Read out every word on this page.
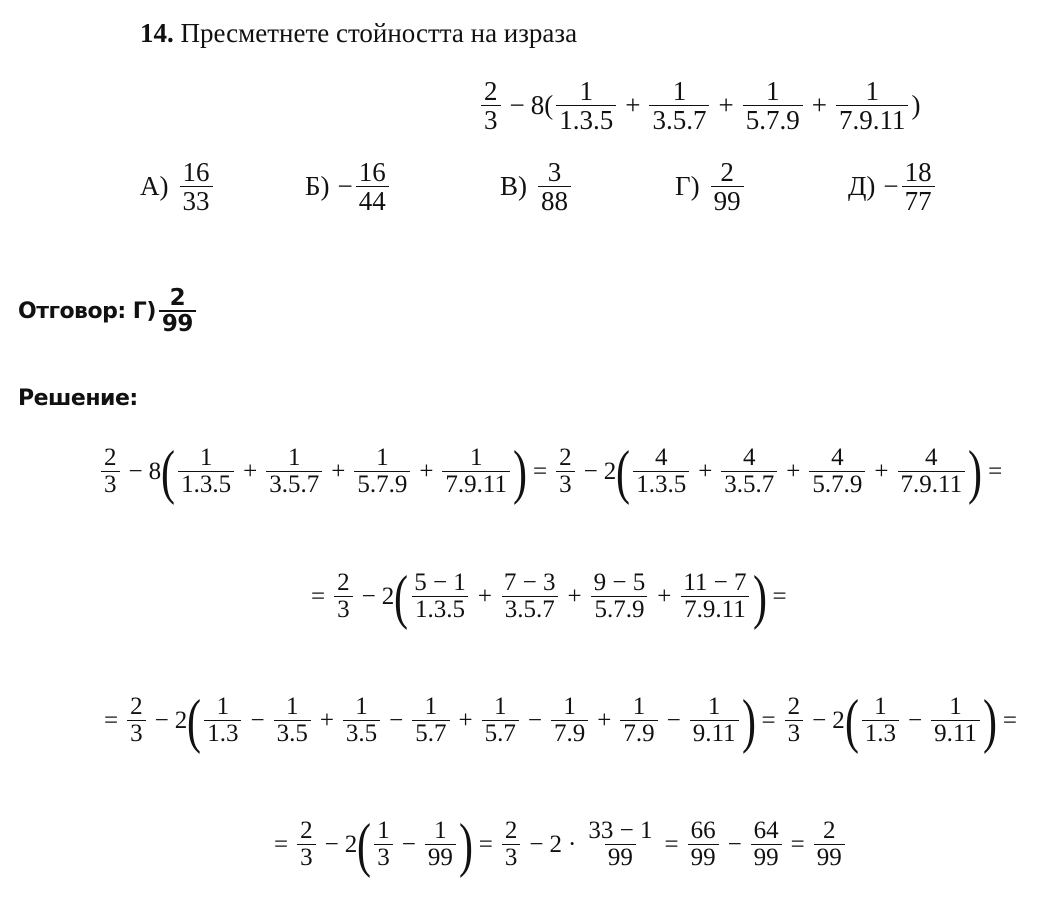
14. Пресметнете стойността на израза
$\frac{2}{3} - 8$ ( $\frac{1}{1.3.5} + \frac{1}{3.5.7} + \frac{1}{5.7.9} + \frac{1}{7.9.11}$ )
$А) \frac{16}{33}$	$Б) - \frac{16}{44}$	$В) \frac{3}{88}$	$Г) \frac{2}{99}$	$Д) - \frac{18}{77}$
Отговор: $Г) \frac{2}{99}$
Решение:
$\frac{2}{3} - 8$ ( $\frac{1}{1.3.5} + \frac{1}{3.5.7} + \frac{1}{5.7.9} + \frac{1}{7.9.11}$ ) = $\frac{2}{3} - 2$ ( $\frac{4}{1.3.5} + \frac{4}{3.5.7} + \frac{4}{5.7.9} + \frac{4}{7.9.11}$ ) =
= $\frac{2}{3} - 2$ ( $\frac{5 - 1}{1.3.5} + \frac{7 - 3}{3.5.7} + \frac{9 - 5}{5.7.9} + \frac{11 - 7}{7.9.11}$ ) =
= $\frac{2}{3} - 2$ ( $\frac{1}{1.3} - \frac{1}{3.5} + \frac{1}{3.5} - \frac{1}{5.7} + \frac{1}{5.7} - \frac{1}{7.9} + \frac{1}{7.9} - \frac{1}{9.11}$ ) = $\frac{2}{3} - 2$ ( $\frac{1}{1.3} - \frac{1}{9.11}$ ) =
= $\frac{2}{3} - 2$ ( $\frac{1}{3} - \frac{1}{99}$ ) = $\frac{2}{3} - 2 \cdot \frac{33 - 1}{99} = \frac{66}{99} - \frac{64}{99} = \frac{2}{99}$
